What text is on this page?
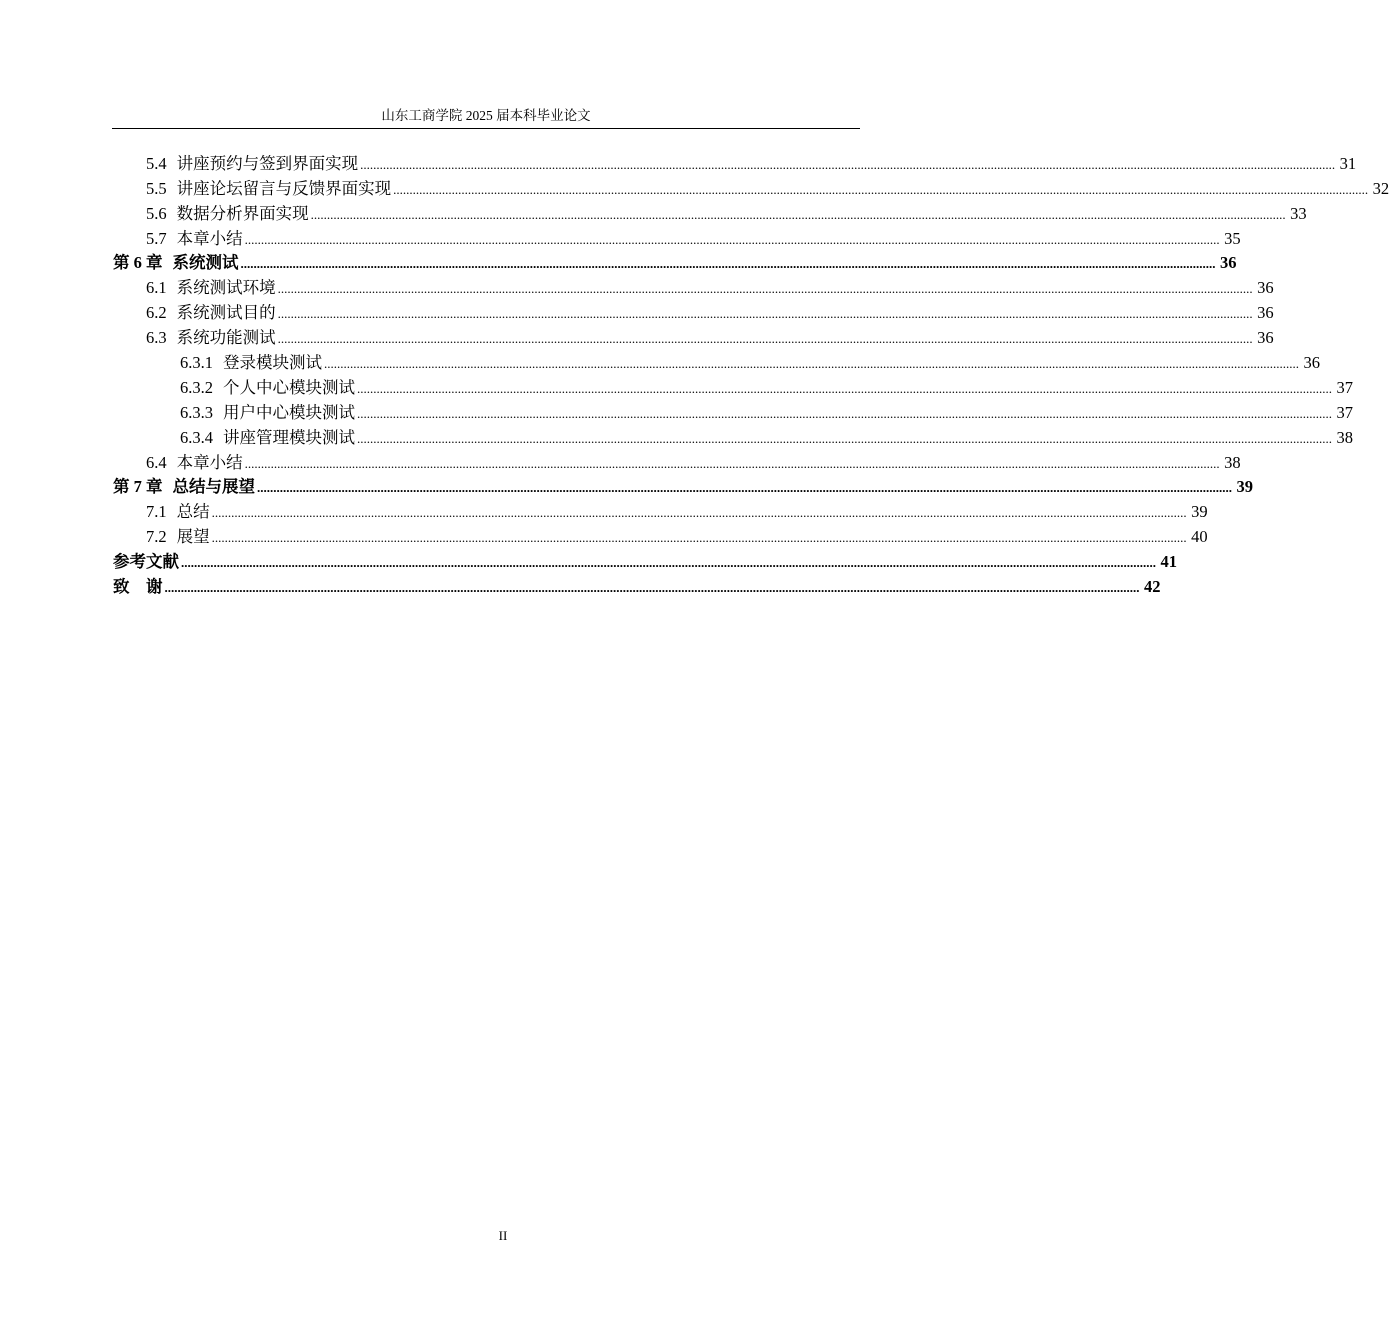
山东工商学院 2025 届本科毕业论文
5.4 讲座预约与签到界面实现 ............................................................................................................................................................................................................................................................................................................ 31
5.5 讲座论坛留言与反馈界面实现 ............................................................................................................................................................................................................................................................................................................ 32
5.6 数据分析界面实现 ............................................................................................................................................................................................................................................................................................................ 33
5.7 本章小结 ............................................................................................................................................................................................................................................................................................................ 35
第 6 章 系统测试 ............................................................................................................................................................................................................................................................................................................ 36
6.1 系统测试环境 ............................................................................................................................................................................................................................................................................................................ 36
6.2 系统测试目的 ............................................................................................................................................................................................................................................................................................................ 36
6.3 系统功能测试 ............................................................................................................................................................................................................................................................................................................ 36
6.3.1 登录模块测试 ............................................................................................................................................................................................................................................................................................................ 36
6.3.2 个人中心模块测试 ............................................................................................................................................................................................................................................................................................................ 37
6.3.3 用户中心模块测试 ............................................................................................................................................................................................................................................................................................................ 37
6.3.4 讲座管理模块测试 ............................................................................................................................................................................................................................................................................................................ 38
6.4 本章小结 ............................................................................................................................................................................................................................................................................................................ 38
第 7 章 总结与展望 ............................................................................................................................................................................................................................................................................................................ 39
7.1 总结 ............................................................................................................................................................................................................................................................................................................ 39
7.2 展望 ............................................................................................................................................................................................................................................................................................................ 40
参考文献 ............................................................................................................................................................................................................................................................................................................ 41
致　谢 ............................................................................................................................................................................................................................................................................................................ 42
II
